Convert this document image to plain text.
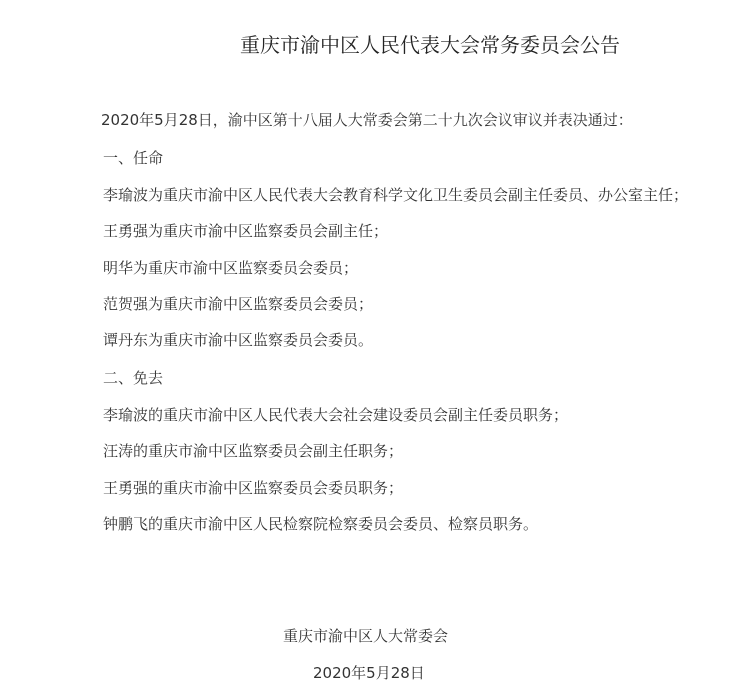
重庆市渝中区人民代表大会常务委员会公告
2020年5月28日，渝中区第十八届人大常委会第二十九次会议审议并表决通过：
一、任命
李瑜波为重庆市渝中区人民代表大会教育科学文化卫生委员会副主任委员、办公室主任；
王勇强为重庆市渝中区监察委员会副主任；
明华为重庆市渝中区监察委员会委员；
范贺强为重庆市渝中区监察委员会委员；
谭丹东为重庆市渝中区监察委员会委员。
二、免去
李瑜波的重庆市渝中区人民代表大会社会建设委员会副主任委员职务；
汪涛的重庆市渝中区监察委员会副主任职务；
王勇强的重庆市渝中区监察委员会委员职务；
钟鹏飞的重庆市渝中区人民检察院检察委员会委员、检察员职务。
重庆市渝中区人大常委会
2020年5月28日
